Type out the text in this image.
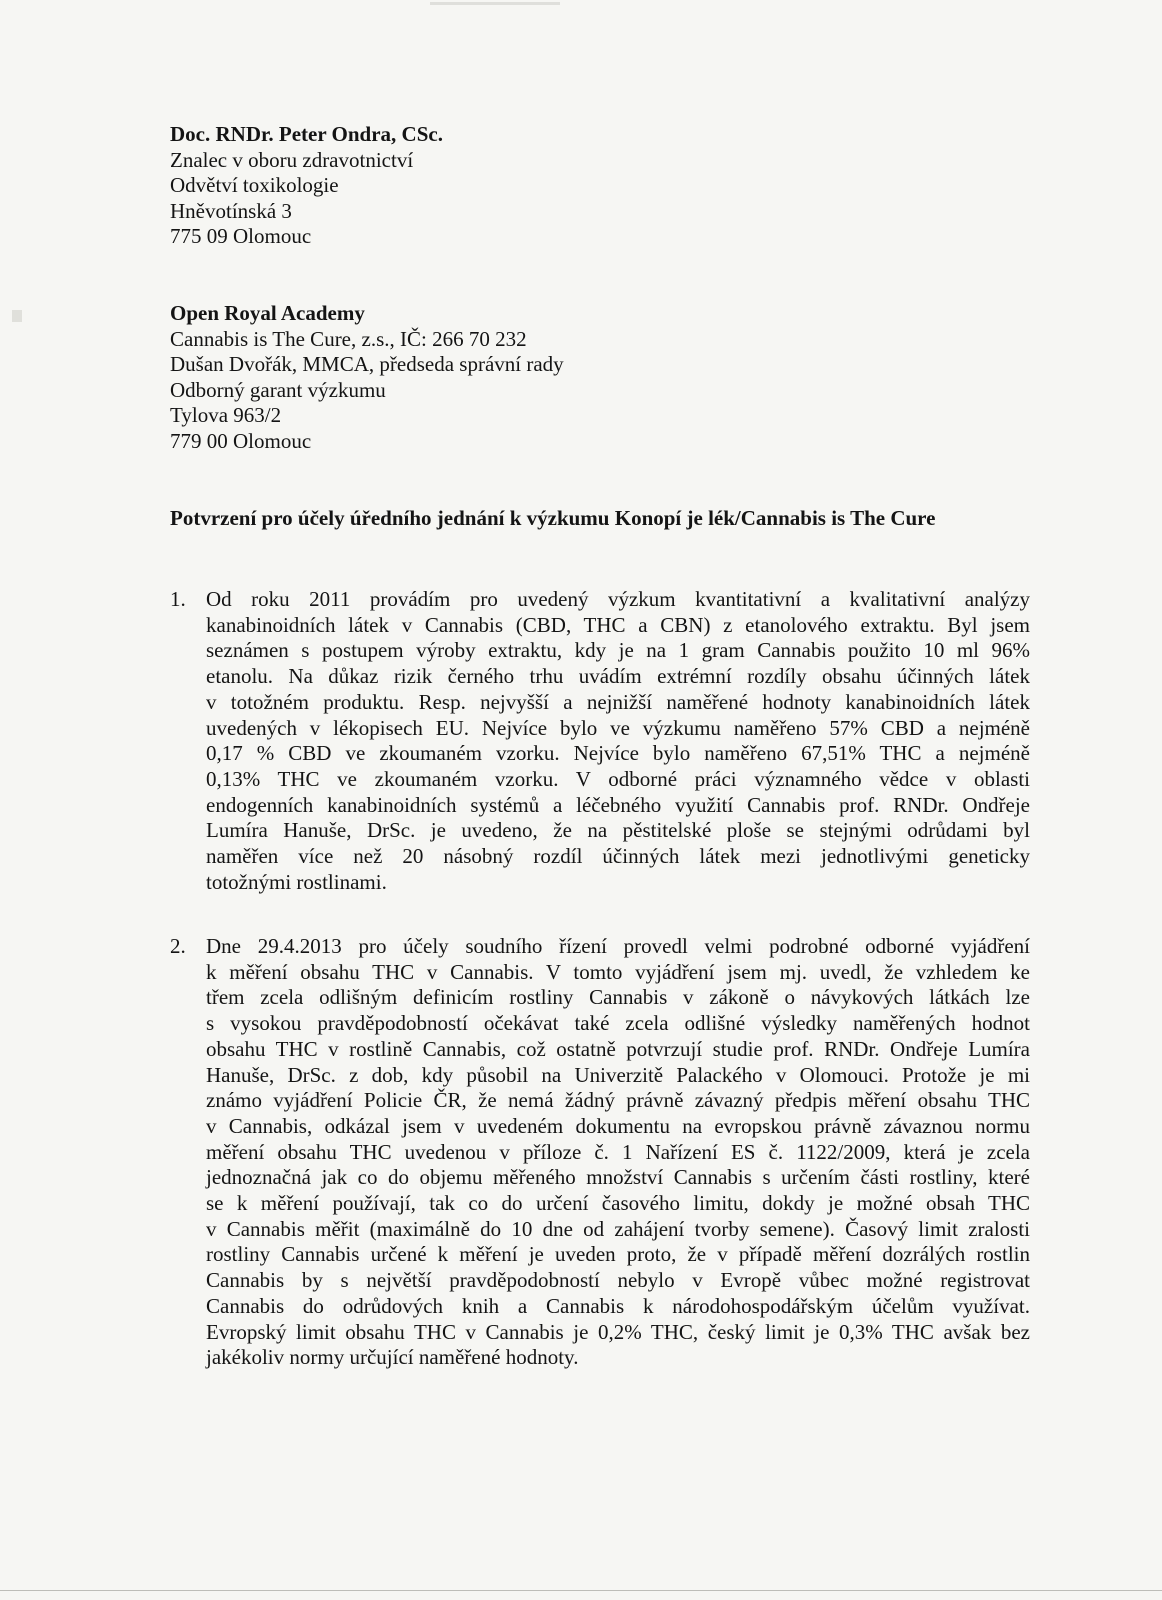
Doc. RNDr. Peter Ondra, CSc.
Znalec v oboru zdravotnictví
Odvětví toxikologie
Hněvotínská 3
775 09 Olomouc
Open Royal Academy
Cannabis is The Cure, z.s., IČ: 266 70 232
Dušan Dvořák, MMCA, předseda správní rady
Odborný garant výzkumu
Tylova 963/2
779 00 Olomouc
Potvrzení pro účely úředního jednání k výzkumu Konopí je lék/Cannabis is The Cure
1. Od roku 2011 provádím pro uvedený výzkum kvantitativní a kvalitativní analýzy
kanabinoidních látek v Cannabis (CBD, THC a CBN) z etanolového extraktu. Byl jsem
seznámen s postupem výroby extraktu, kdy je na 1 gram Cannabis použito 10 ml 96%
etanolu. Na důkaz rizik černého trhu uvádím extrémní rozdíly obsahu účinných látek
v totožném produktu. Resp. nejvyšší a nejnižší naměřené hodnoty kanabinoidních látek
uvedených v lékopisech EU. Nejvíce bylo ve výzkumu naměřeno 57% CBD a nejméně
0,17 % CBD ve zkoumaném vzorku. Nejvíce bylo naměřeno 67,51% THC a nejméně
0,13% THC ve zkoumaném vzorku. V odborné práci významného vědce v oblasti
endogenních kanabinoidních systémů a léčebného využití Cannabis prof. RNDr. Ondřeje
Lumíra Hanuše, DrSc. je uvedeno, že na pěstitelské ploše se stejnými odrůdami byl
naměřen více než 20 násobný rozdíl účinných látek mezi jednotlivými geneticky
totožnými rostlinami.
2. Dne 29.4.2013 pro účely soudního řízení provedl velmi podrobné odborné vyjádření
k měření obsahu THC v Cannabis. V tomto vyjádření jsem mj. uvedl, že vzhledem ke
třem zcela odlišným definicím rostliny Cannabis v zákoně o návykových látkách lze
s vysokou pravděpodobností očekávat také zcela odlišné výsledky naměřených hodnot
obsahu THC v rostlině Cannabis, což ostatně potvrzují studie prof. RNDr. Ondřeje Lumíra
Hanuše, DrSc. z dob, kdy působil na Univerzitě Palackého v Olomouci. Protože je mi
známo vyjádření Policie ČR, že nemá žádný právně závazný předpis měření obsahu THC
v Cannabis, odkázal jsem v uvedeném dokumentu na evropskou právně závaznou normu
měření obsahu THC uvedenou v příloze č. 1 Nařízení ES č. 1122/2009, která je zcela
jednoznačná jak co do objemu měřeného množství Cannabis s určením části rostliny, které
se k měření používají, tak co do určení časového limitu, dokdy je možné obsah THC
v Cannabis měřit (maximálně do 10 dne od zahájení tvorby semene). Časový limit zralosti
rostliny Cannabis určené k měření je uveden proto, že v případě měření dozrálých rostlin
Cannabis by s největší pravděpodobností nebylo v Evropě vůbec možné registrovat
Cannabis do odrůdových knih a Cannabis k národohospodářským účelům využívat.
Evropský limit obsahu THC v Cannabis je 0,2% THC, český limit je 0,3% THC avšak bez
jakékoliv normy určující naměřené hodnoty.
